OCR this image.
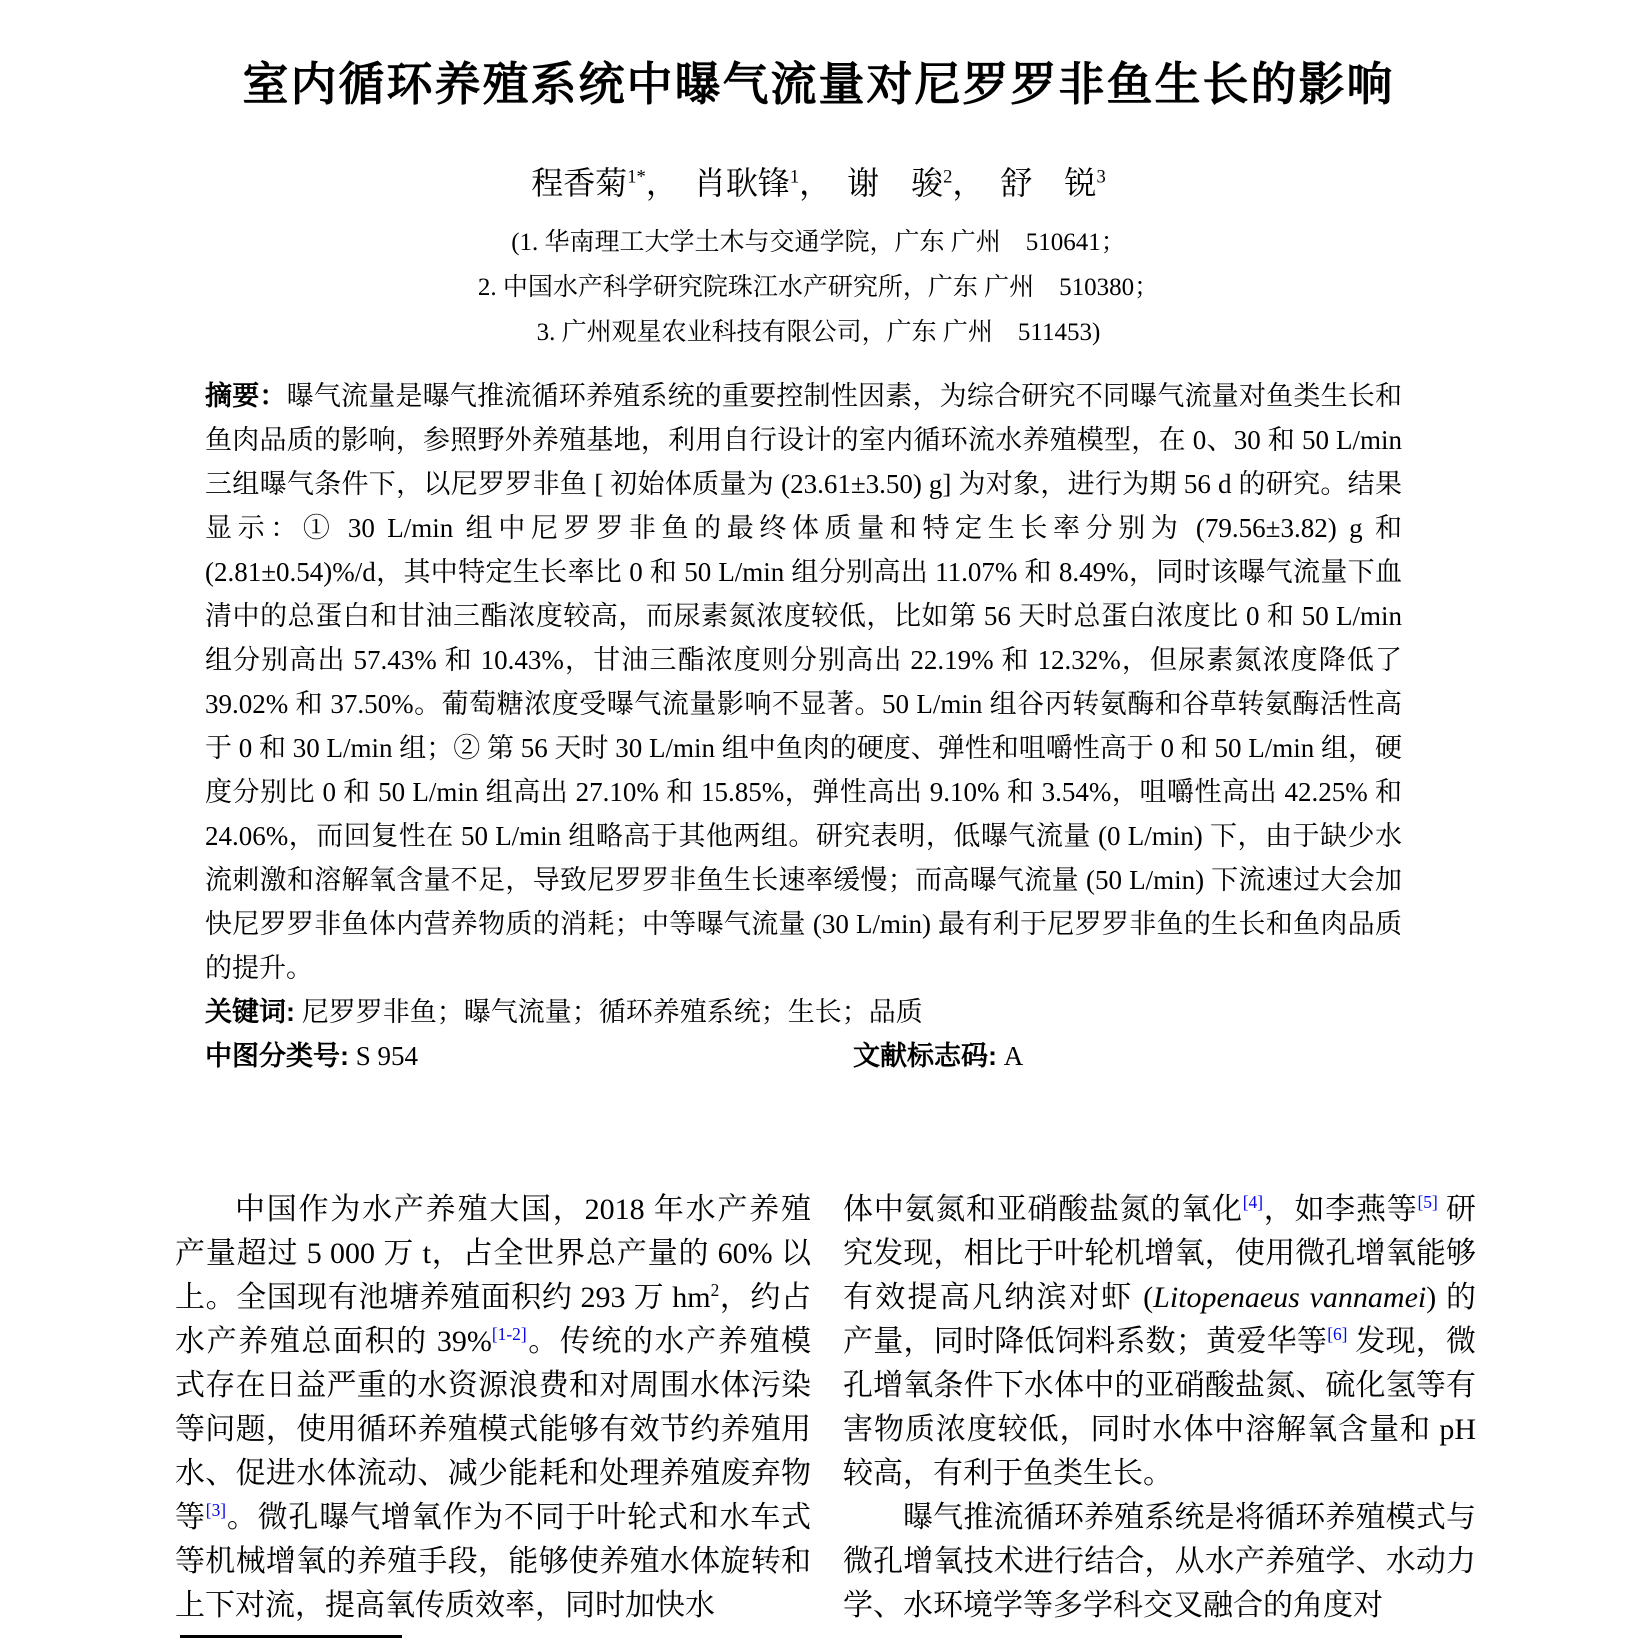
室内循环养殖系统中曝气流量对尼罗罗非鱼生长的影响
程香菊$^{1*}$，　肖耿锋$^1$，　谢　骏$^2$，　舒　锐$^3$
(1. 华南理工大学土木与交通学院，广东 广州　510641；
2. 中国水产科学研究院珠江水产研究所，广东 广州　510380；
3. 广州观星农业科技有限公司，广东 广州　511453)

摘要：曝气流量是曝气推流循环养殖系统的重要控制性因素，为综合研究不同曝气流量对鱼类生长和鱼肉品质的影响，参照野外养殖基地，利用自行设计的室内循环流水养殖模型，在 0、30 和 50 L/min 三组曝气条件下，以尼罗罗非鱼 [ 初始体质量为 (23.61±3.50) g] 为对象，进行为期 56 d 的研究。结果显示：① 30 L/min 组中尼罗罗非鱼的最终体质量和特定生长率分别为 (79.56±3.82) g 和 (2.81±0.54)%/d，其中特定生长率比 0 和 50 L/min 组分别高出 11.07% 和 8.49%，同时该曝气流量下血清中的总蛋白和甘油三酯浓度较高，而尿素氮浓度较低，比如第 56 天时总蛋白浓度比 0 和 50 L/min 组分别高出 57.43% 和 10.43%，甘油三酯浓度则分别高出 22.19% 和 12.32%，但尿素氮浓度降低了 39.02% 和 37.50%。葡萄糖浓度受曝气流量影响不显著。50 L/min 组谷丙转氨酶和谷草转氨酶活性高于 0 和 30 L/min 组；② 第 56 天时 30 L/min 组中鱼肉的硬度、弹性和咀嚼性高于 0 和 50 L/min 组，硬度分别比 0 和 50 L/min 组高出 27.10% 和 15.85%，弹性高出 9.10% 和 3.54%，咀嚼性高出 42.25% 和 24.06%，而回复性在 50 L/min 组略高于其他两组。研究表明，低曝气流量 (0 L/min) 下，由于缺少水流刺激和溶解氧含量不足，导致尼罗罗非鱼生长速率缓慢；而高曝气流量 (50 L/min) 下流速过大会加快尼罗罗非鱼体内营养物质的消耗；中等曝气流量 (30 L/min) 最有利于尼罗罗非鱼的生长和鱼肉品质的提升。

关键词: 尼罗罗非鱼；曝气流量；循环养殖系统；生长；品质

中图分类号: S 954	文献标志码: A

中国作为水产养殖大国，2018 年水产养殖产量超过 5 000 万 t，占全世界总产量的 60% 以上。全国现有池塘养殖面积约 293 万 $hm^2$，约占水产养殖总面积的 39%[1-2]。传统的水产养殖模式存在日益严重的水资源浪费和对周围水体污染等问题，使用循环养殖模式能够有效节约养殖用水、促进水体流动、减少能耗和处理养殖废弃物等[3]。微孔曝气增氧作为不同于叶轮式和水车式等机械增氧的养殖手段，能够使养殖水体旋转和上下对流，提高氧传质效率，同时加快水

体中氨氮和亚硝酸盐氮的氧化[4]，如李燕等[5] 研究发现，相比于叶轮机增氧，使用微孔增氧能够有效提高凡纳滨对虾 (Litopenaeus vannamei) 的产量，同时降低饲料系数；黄爱华等[6] 发现，微孔增氧条件下水体中的亚硝酸盐氮、硫化氢等有害物质浓度较低，同时水体中溶解氧含量和 pH 较高，有利于鱼类生长。

曝气推流循环养殖系统是将循环养殖模式与微孔增氧技术进行结合，从水产养殖学、水动力学、水环境学等多学科交叉融合的角度对
